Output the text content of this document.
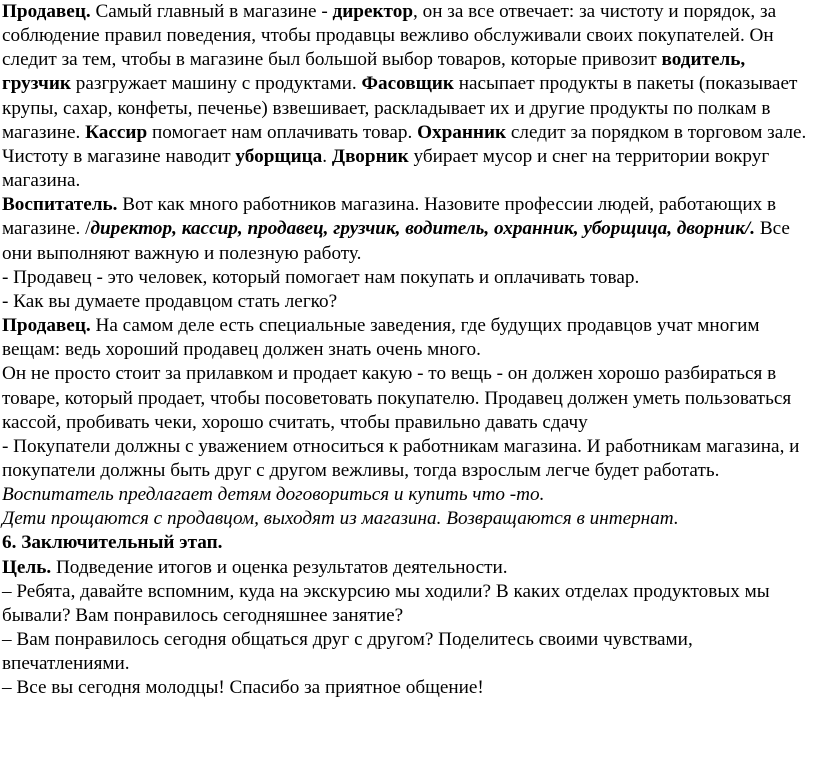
Продавец. Самый главный в магазине - директор, он за все отвечает: за чистоту и порядок, за соблюдение правил поведения, чтобы продавцы вежливо обслуживали своих покупателей. Он следит за тем, чтобы в магазине был большой выбор товаров, которые привозит водитель, грузчик разгружает машину с продуктами. Фасовщик насыпает продукты в пакеты (показывает крупы, сахар, конфеты, печенье) взвешивает, раскладывает их и другие продукты по полкам в магазине. Кассир помогает нам оплачивать товар. Охранник следит за порядком в торговом зале. Чистоту в магазине наводит уборщица. Дворник убирает мусор и снег на территории вокруг магазина.

Воспитатель. Вот как много работников магазина. Назовите профессии людей, работающих в магазине. /директор, кассир, продавец, грузчик, водитель, охранник, уборщица, дворник/. Все они выполняют важную и полезную работу.

- Продавец - это человек, который помогает нам покупать и оплачивать товар.

- Как вы думаете продавцом стать легко?

Продавец. На самом деле есть специальные заведения, где будущих продавцов учат многим вещам: ведь хороший продавец должен знать очень много.

Он не просто стоит за прилавком и продает какую - то вещь - он должен хорошо разбираться в товаре, который продает, чтобы посоветовать покупателю. Продавец должен уметь пользоваться кассой, пробивать чеки, хорошо считать, чтобы правильно давать сдачу

- Покупатели должны с уважением относиться к работникам магазина. И работникам магазина, и покупатели должны быть друг с другом вежливы, тогда взрослым легче будет работать.

Воспитатель предлагает детям договориться и купить что -то.

Дети прощаются с продавцом, выходят из магазина. Возвращаются в интернат.

6. Заключительный этап.

Цель. Подведение итогов и оценка результатов деятельности.

– Ребята, давайте вспомним, куда на экскурсию мы ходили? В каких отделах продуктовых мы бывали? Вам понравилось сегодняшнее занятие?

– Вам понравилось сегодня общаться друг с другом? Поделитесь своими чувствами, впечатлениями.

– Все вы сегодня молодцы! Спасибо за приятное общение!
